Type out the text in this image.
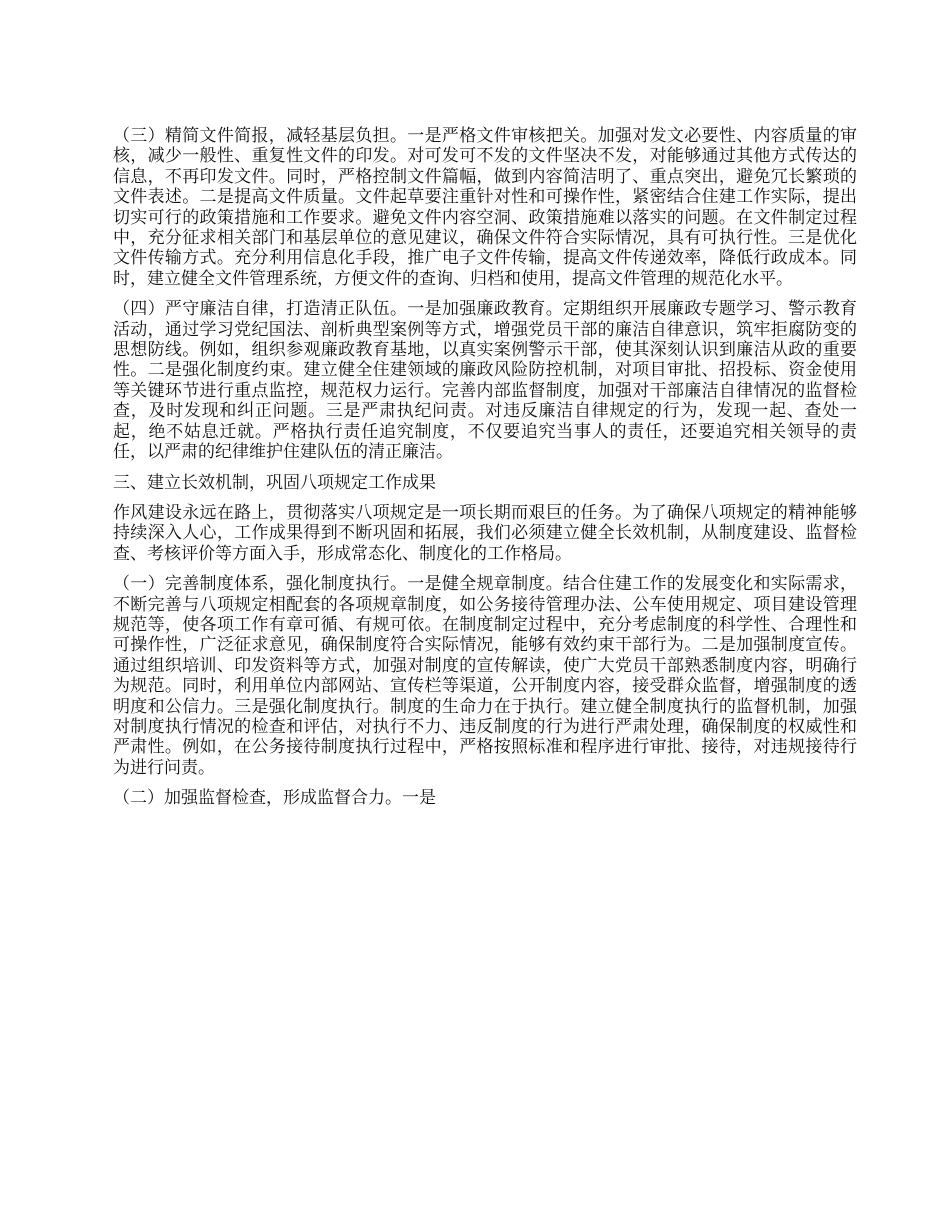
（三）精简文件简报，减轻基层负担。一是严格文件审核把关。加强对发文必要性、内容质量的审核，减少一般性、重复性文件的印发。对可发可不发的文件坚决不发，对能够通过其他方式传达的信息，不再印发文件。同时，严格控制文件篇幅，做到内容简洁明了、重点突出，避免冗长繁琐的文件表述。二是提高文件质量。文件起草要注重针对性和可操作性，紧密结合住建工作实际，提出切实可行的政策措施和工作要求。避免文件内容空洞、政策措施难以落实的问题。在文件制定过程中，充分征求相关部门和基层单位的意见建议，确保文件符合实际情况，具有可执行性。三是优化文件传输方式。充分利用信息化手段，推广电子文件传输，提高文件传递效率，降低行政成本。同时，建立健全文件管理系统，方便文件的查询、归档和使用，提高文件管理的规范化水平。

（四）严守廉洁自律，打造清正队伍。一是加强廉政教育。定期组织开展廉政专题学习、警示教育活动，通过学习党纪国法、剖析典型案例等方式，增强党员干部的廉洁自律意识，筑牢拒腐防变的思想防线。例如，组织参观廉政教育基地，以真实案例警示干部，使其深刻认识到廉洁从政的重要性。二是强化制度约束。建立健全住建领域的廉政风险防控机制，对项目审批、招投标、资金使用等关键环节进行重点监控，规范权力运行。完善内部监督制度，加强对干部廉洁自律情况的监督检查，及时发现和纠正问题。三是严肃执纪问责。对违反廉洁自律规定的行为，发现一起、查处一起，绝不姑息迁就。严格执行责任追究制度，不仅要追究当事人的责任，还要追究相关领导的责任，以严肃的纪律维护住建队伍的清正廉洁。

三、建立长效机制，巩固八项规定工作成果

作风建设永远在路上，贯彻落实八项规定是一项长期而艰巨的任务。为了确保八项规定的精神能够持续深入人心，工作成果得到不断巩固和拓展，我们必须建立健全长效机制，从制度建设、监督检查、考核评价等方面入手，形成常态化、制度化的工作格局。

（一）完善制度体系，强化制度执行。一是健全规章制度。结合住建工作的发展变化和实际需求，不断完善与八项规定相配套的各项规章制度，如公务接待管理办法、公车使用规定、项目建设管理规范等，使各项工作有章可循、有规可依。在制度制定过程中，充分考虑制度的科学性、合理性和可操作性，广泛征求意见，确保制度符合实际情况，能够有效约束干部行为。二是加强制度宣传。通过组织培训、印发资料等方式，加强对制度的宣传解读，使广大党员干部熟悉制度内容，明确行为规范。同时，利用单位内部网站、宣传栏等渠道，公开制度内容，接受群众监督，增强制度的透明度和公信力。三是强化制度执行。制度的生命力在于执行。建立健全制度执行的监督机制，加强对制度执行情况的检查和评估，对执行不力、违反制度的行为进行严肃处理，确保制度的权威性和严肃性。例如，在公务接待制度执行过程中，严格按照标准和程序进行审批、接待，对违规接待行为进行问责。

（二）加强监督检查，形成监督合力。一是
